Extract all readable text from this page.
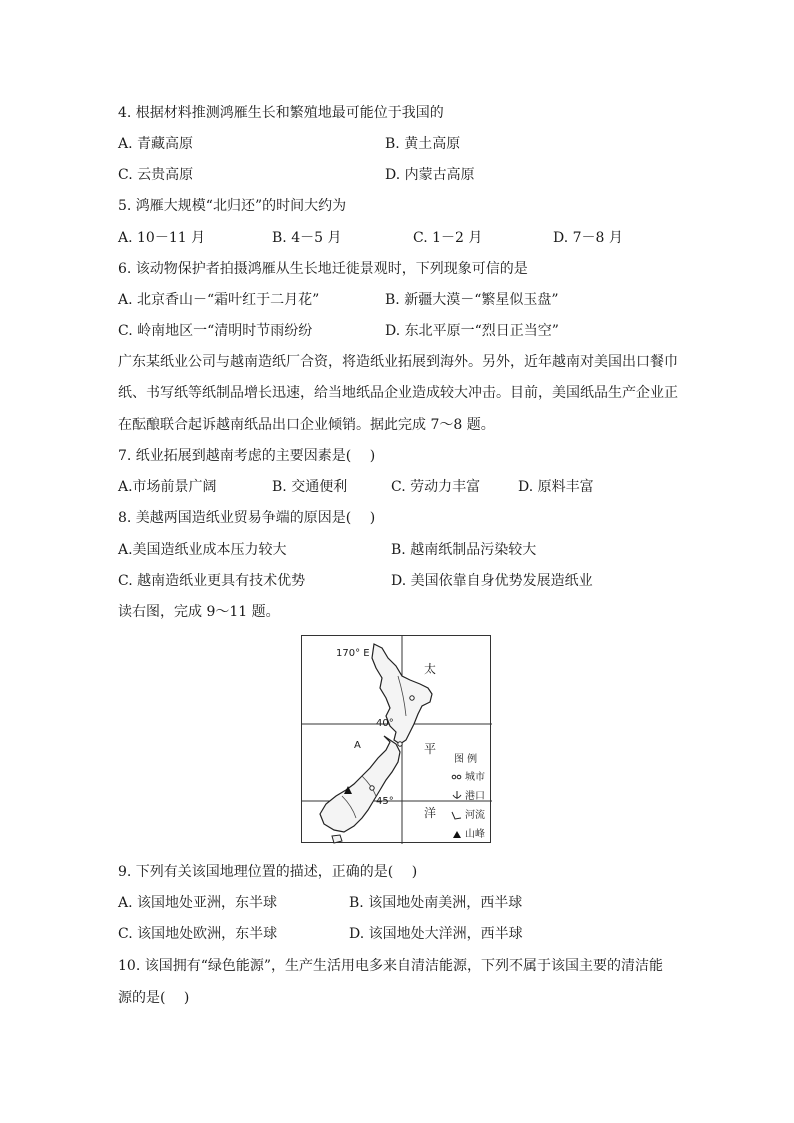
4. 根据材料推测鸿雁生长和繁殖地最可能位于我国的
A. 青藏高原	B. 黄土高原
C. 云贵高原	D. 内蒙古高原
5. 鸿雁大规模“北归还”的时间大约为
A. 10－11 月	B. 4－5 月	C. 1－2 月	D. 7－8 月
6. 该动物保护者拍摄鸿雁从生长地迁徙景观时，下列现象可信的是
A. 北京香山－“霜叶红于二月花”	B. 新疆大漠－“繁星似玉盘”
C. 岭南地区一“清明时节雨纷纷	D. 东北平原一“烈日正当空”
广东某纸业公司与越南造纸厂合资，将造纸业拓展到海外。另外，近年越南对美国出口餐巾
纸、书写纸等纸制品增长迅速，给当地纸品企业造成较大冲击。目前，美国纸品生产企业正
在酝酿联合起诉越南纸品出口企业倾销。据此完成 7～8 题。
7. 纸业拓展到越南考虑的主要因素是(　 )
A.市场前景广阔	B. 交通便利	C. 劳动力丰富	D. 原料丰富
8. 美越两国造纸业贸易争端的原因是(　 )
A.美国造纸业成本压力较大	B. 越南纸制品污染较大
C. 越南造纸业更具有技术优势	D. 美国依靠自身优势发展造纸业
读右图，完成 9～11 题。
170° E
40°
45°
A
太
平
洋
图 例
城市
港口
河流
山峰
9. 下列有关该国地理位置的描述，正确的是(　 )
A. 该国地处亚洲，东半球	B. 该国地处南美洲，西半球
C. 该国地处欧洲，东半球	D. 该国地处大洋洲，西半球
10. 该国拥有“绿色能源”，生产生活用电多来自清洁能源，下列不属于该国主要的清洁能
源的是(　 )
